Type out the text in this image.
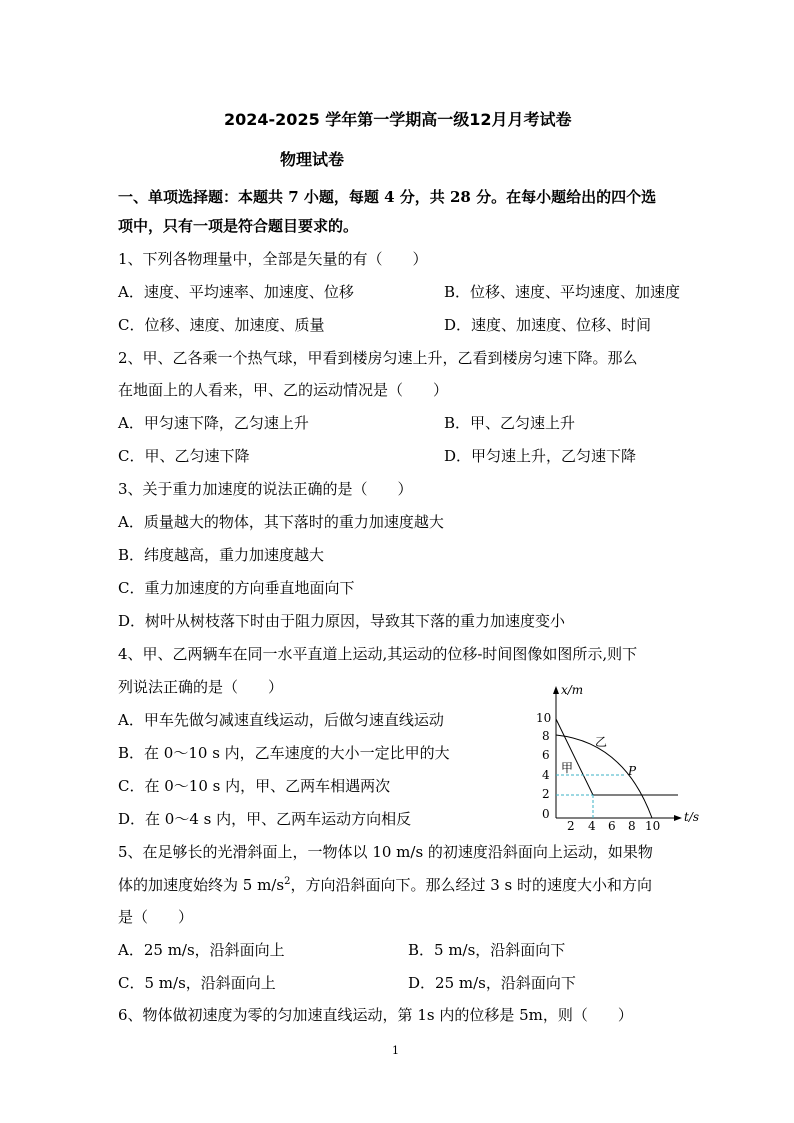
2024-2025 学年第一学期高一级12月月考试卷
物理试卷
一、单项选择题：本题共 7 小题，每题 4 分，共 28 分。在每小题给出的四个选
项中，只有一项是符合题目要求的。
1、下列各物理量中，全部是矢量的有（　　）
A．速度、平均速率、加速度、位移	B．位移、速度、平均速度、加速度
C．位移、速度、加速度、质量	D．速度、加速度、位移、时间
2、甲、乙各乘一个热气球，甲看到楼房匀速上升，乙看到楼房匀速下降。那么
在地面上的人看来，甲、乙的运动情况是（　　）
A．甲匀速下降，乙匀速上升	B．甲、乙匀速上升
C．甲、乙匀速下降	D．甲匀速上升，乙匀速下降
3、关于重力加速度的说法正确的是（　　）
A．质量越大的物体，其下落时的重力加速度越大
B．纬度越高，重力加速度越大
C．重力加速度的方向垂直地面向下
D．树叶从树枝落下时由于阻力原因，导致其下落的重力加速度变小
4、甲、乙两辆车在同一水平直道上运动,其运动的位移-时间图像如图所示,则下
列说法正确的是（　　）
A．甲车先做匀减速直线运动，后做匀速直线运动
B．在 0～10 s 内，乙车速度的大小一定比甲的大
C．在 0～10 s 内，甲、乙两车相遇两次
D．在 0～4 s 内，甲、乙两车运动方向相反
x/m
t/s
10
8
6
4
2
0
2 4 6 8 10
乙
甲	P
5、在足够长的光滑斜面上，一物体以 10 m/s 的初速度沿斜面向上运动，如果物
体的加速度始终为 5 $m/s^2$，方向沿斜面向下。那么经过 3 s 时的速度大小和方向
是（　　）
A．25 m/s，沿斜面向上	B．5 m/s，沿斜面向下
C．5 m/s，沿斜面向上	D．25 m/s，沿斜面向下
6、物体做初速度为零的匀加速直线运动，第 1s 内的位移是 5m，则（　　）
1
